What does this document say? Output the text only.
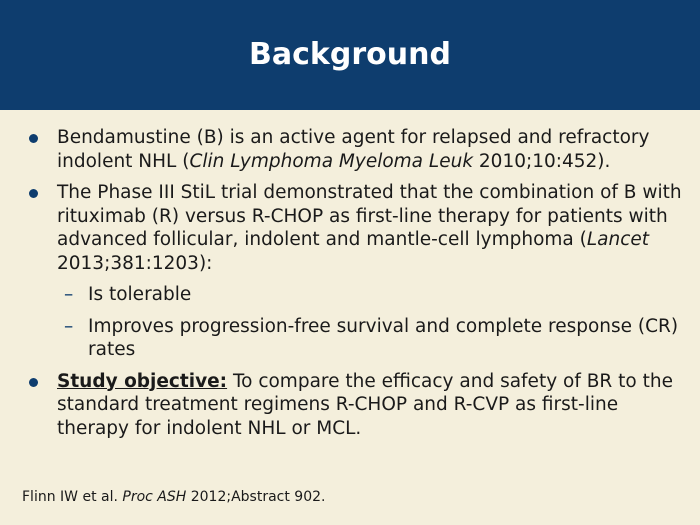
Background
Bendamustine (B) is an active agent for relapsed and refractory indolent NHL (Clin Lymphoma Myeloma Leuk 2010;10:452).
The Phase III StiL trial demonstrated that the combination of B with rituximab (R) versus R-CHOP as first-line therapy for patients with advanced follicular, indolent and mantle-cell lymphoma (Lancet 2013;381:1203):
– Is tolerable
– Improves progression-free survival and complete response (CR) rates
Study objective: To compare the efficacy and safety of BR to the standard treatment regimens R-CHOP and R-CVP as first-line therapy for indolent NHL or MCL.
Flinn IW et al. Proc ASH 2012;Abstract 902.
